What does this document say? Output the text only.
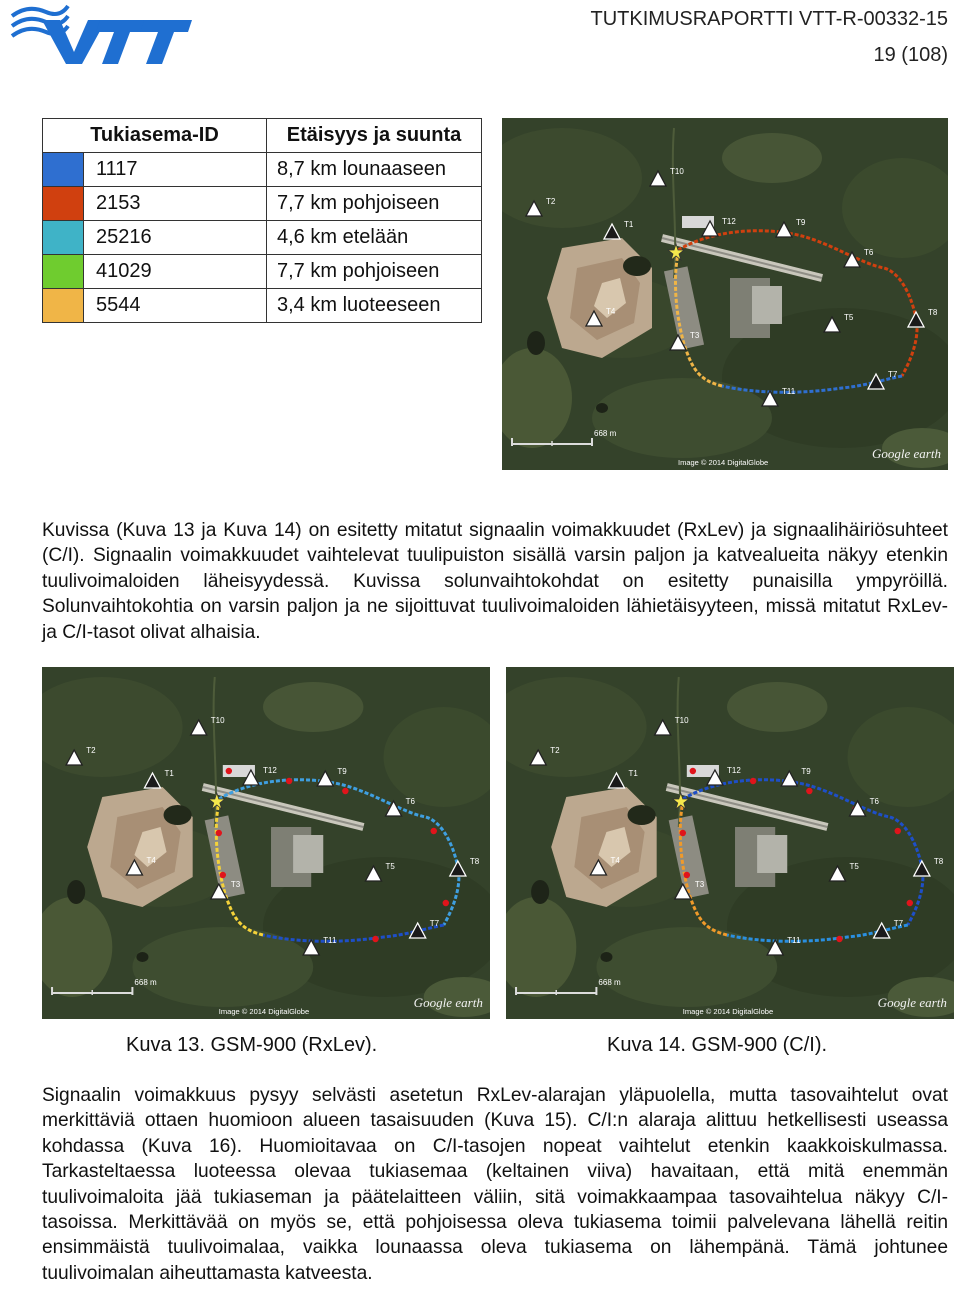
TUTKIMUSRAPORTTI VTT-R-00332-15
19 (108)
Tukiasema-ID		Etäisyys ja suunta
	1117	8,7 km lounaaseen
	2153	7,7 km pohjoiseen
	25216	4,6 km etelään
	41029	7,7 km pohjoiseen
	5544	3,4 km luoteeseen
T1
T2
T3
T4
T5
T6
T7
T8
T9
T10
T11
T12
668 m
Image © 2014 DigitalGlobe
Google earth

Kuvissa (Kuva 13 ja Kuva 14) on esitetty mitatut signaalin voimakkuudet (RxLev) ja signaalihäiriösuhteet (C/I). Signaalin voimakkuudet vaihtelevat tuulipuiston sisällä varsin paljon ja katvealueita näkyy etenkin tuulivoimaloiden läheisyydessä. Kuvissa solunvaihtokohdat on esitetty punaisilla ympyröillä. Solunvaihtokohtia on varsin paljon ja ne sijoittuvat tuulivoimaloiden lähietäisyyteen, missä mitatut RxLev- ja C/I-tasot olivat alhaisia.

T1
T2
T3
T4
T5
T6
T7
T8
T9
T10
T11
T12
668 m
Image © 2014 DigitalGlobe
Google earth
T1
T2
T3
T4
T5
T6
T7
T8
T9
T10
T11
T12
668 m
Image © 2014 DigitalGlobe
Google earth
Kuva 13. GSM-900 (RxLev).	Kuva 14. GSM-900 (C/I).

Signaalin voimakkuus pysyy selvästi asetetun RxLev-alarajan yläpuolella, mutta tasovaihtelut ovat merkittäviä ottaen huomioon alueen tasaisuuden (Kuva 15). C/I:n alaraja alittuu hetkellisesti useassa kohdassa (Kuva 16). Huomioitavaa on C/I-tasojen nopeat vaihtelut etenkin kaakkoiskulmassa. Tarkasteltaessa luoteessa olevaa tukiasemaa (keltainen viiva) havaitaan, että mitä enemmän tuulivoimaloita jää tukiaseman ja päätelaitteen väliin, sitä voimakkaampaa tasovaihtelua näkyy C/I-tasoissa. Merkittävää on myös se, että pohjoisessa oleva tukiasema toimii palvelevana lähellä reitin ensimmäistä tuulivoimalaa, vaikka lounaassa oleva tukiasema on lähempänä. Tämä johtunee tuulivoimalan aiheuttamasta katveesta.
